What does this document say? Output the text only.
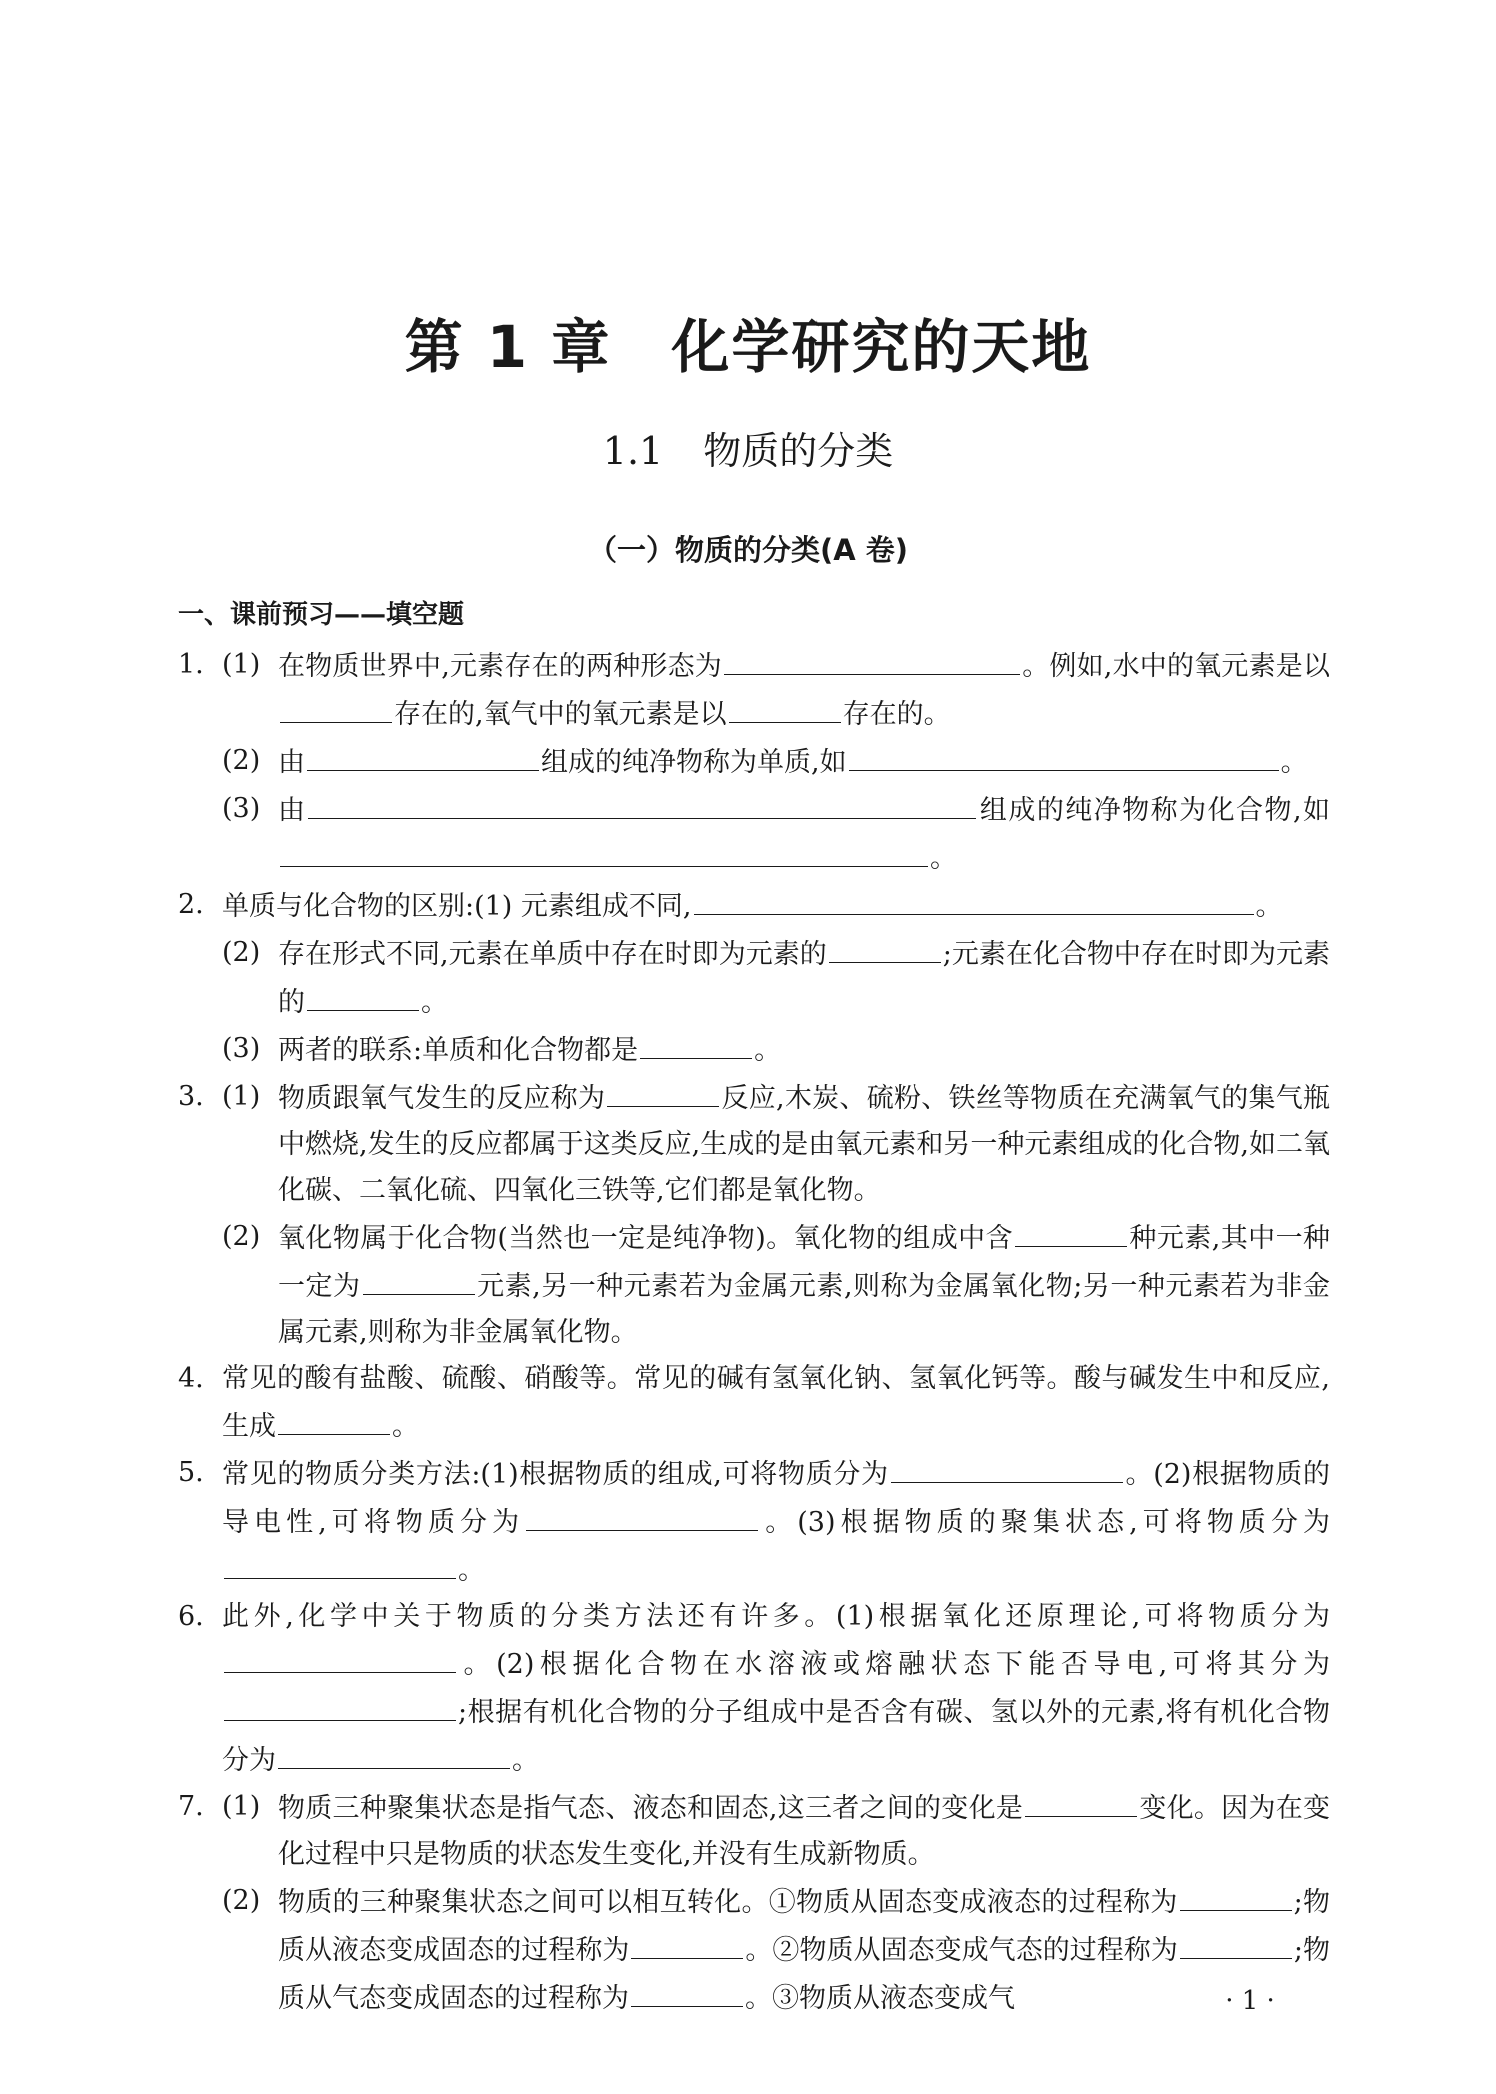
第 1 章 化学研究的天地
1.1 物质的分类
（一）物质的分类(A 卷)
一、课前预习——填空题
1. (1) 在物质世界中,元素存在的两种形态为	。例如,水中的氧元素是以存在的,氧气中的氧元素是以	存在的。
(2) 由	组成的纯净物称为单质,如	。
(3) 由	组成的纯净物称为化合物,如。
2. 单质与化合物的区别:(1) 元素组成不同,	。
(2) 存在形式不同,元素在单质中存在时即为元素的	;元素在化合物中存在时即为元素的	。
(3) 两者的联系:单质和化合物都是	。
3. (1) 物质跟氧气发生的反应称为	反应,木炭、硫粉、铁丝等物质在充满氧气的集气瓶中燃烧,发生的反应都属于这类反应,生成的是由氧元素和另一种元素组成的化合物,如二氧化碳、二氧化硫、四氧化三铁等,它们都是氧化物。
(2) 氧化物属于化合物(当然也一定是纯净物)。氧化物的组成中含	种元素,其中一种一定为	元素,另一种元素若为金属元素,则称为金属氧化物;另一种元素若为非金属元素,则称为非金属氧化物。
4. 常见的酸有盐酸、硫酸、硝酸等。常见的碱有氢氧化钠、氢氧化钙等。酸与碱发生中和反应,生成	。
5. 常见的物质分类方法:(1)根据物质的组成,可将物质分为	。(2)根据物质的导电性,可将物质分为	。(3)根据物质的聚集状态,可将物质分为。
6. 此外,化学中关于物质的分类方法还有许多。(1)根据氧化还原理论,可将物质分为。(2)根据化合物在水溶液或熔融状态下能否导电,可将其分为;根据有机化合物的分子组成中是否含有碳、氢以外的元素,将有机化合物分为	。
7. (1) 物质三种聚集状态是指气态、液态和固态,这三者之间的变化是	变化。因为在变化过程中只是物质的状态发生变化,并没有生成新物质。
(2) 物质的三种聚集状态之间可以相互转化。①物质从固态变成液态的过程称为	;物质从液态变成固态的过程称为	。②物质从固态变成气态的过程称为	;物质从气态变成固态的过程称为	。③物质从液态变成气	· 1 ·
